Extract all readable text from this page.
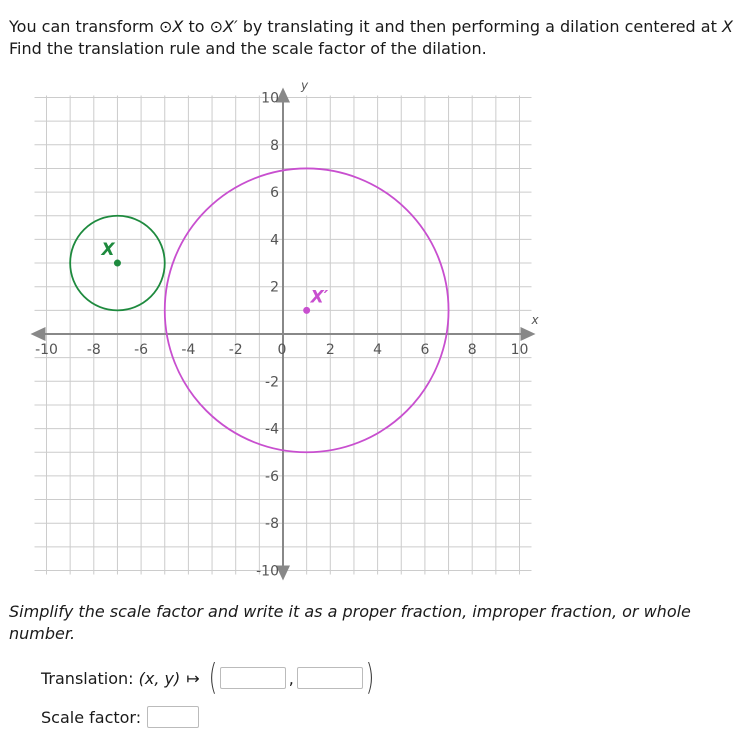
You can transform ⊙X to ⊙X′ by translating it and then performing a dilation centered at X
Find the translation rule and the scale factor of the dilation.
-10 -8 -6 -4 -2 0	2	4	6	8 10
10
8
6
4
2
-2
-4
-6
-8
-10
x
y
X
X′
Simplify the scale factor and write it as a proper fraction, improper fraction, or whole number.
Translation: (x, y) ↦ (	, )
Scale factor:
